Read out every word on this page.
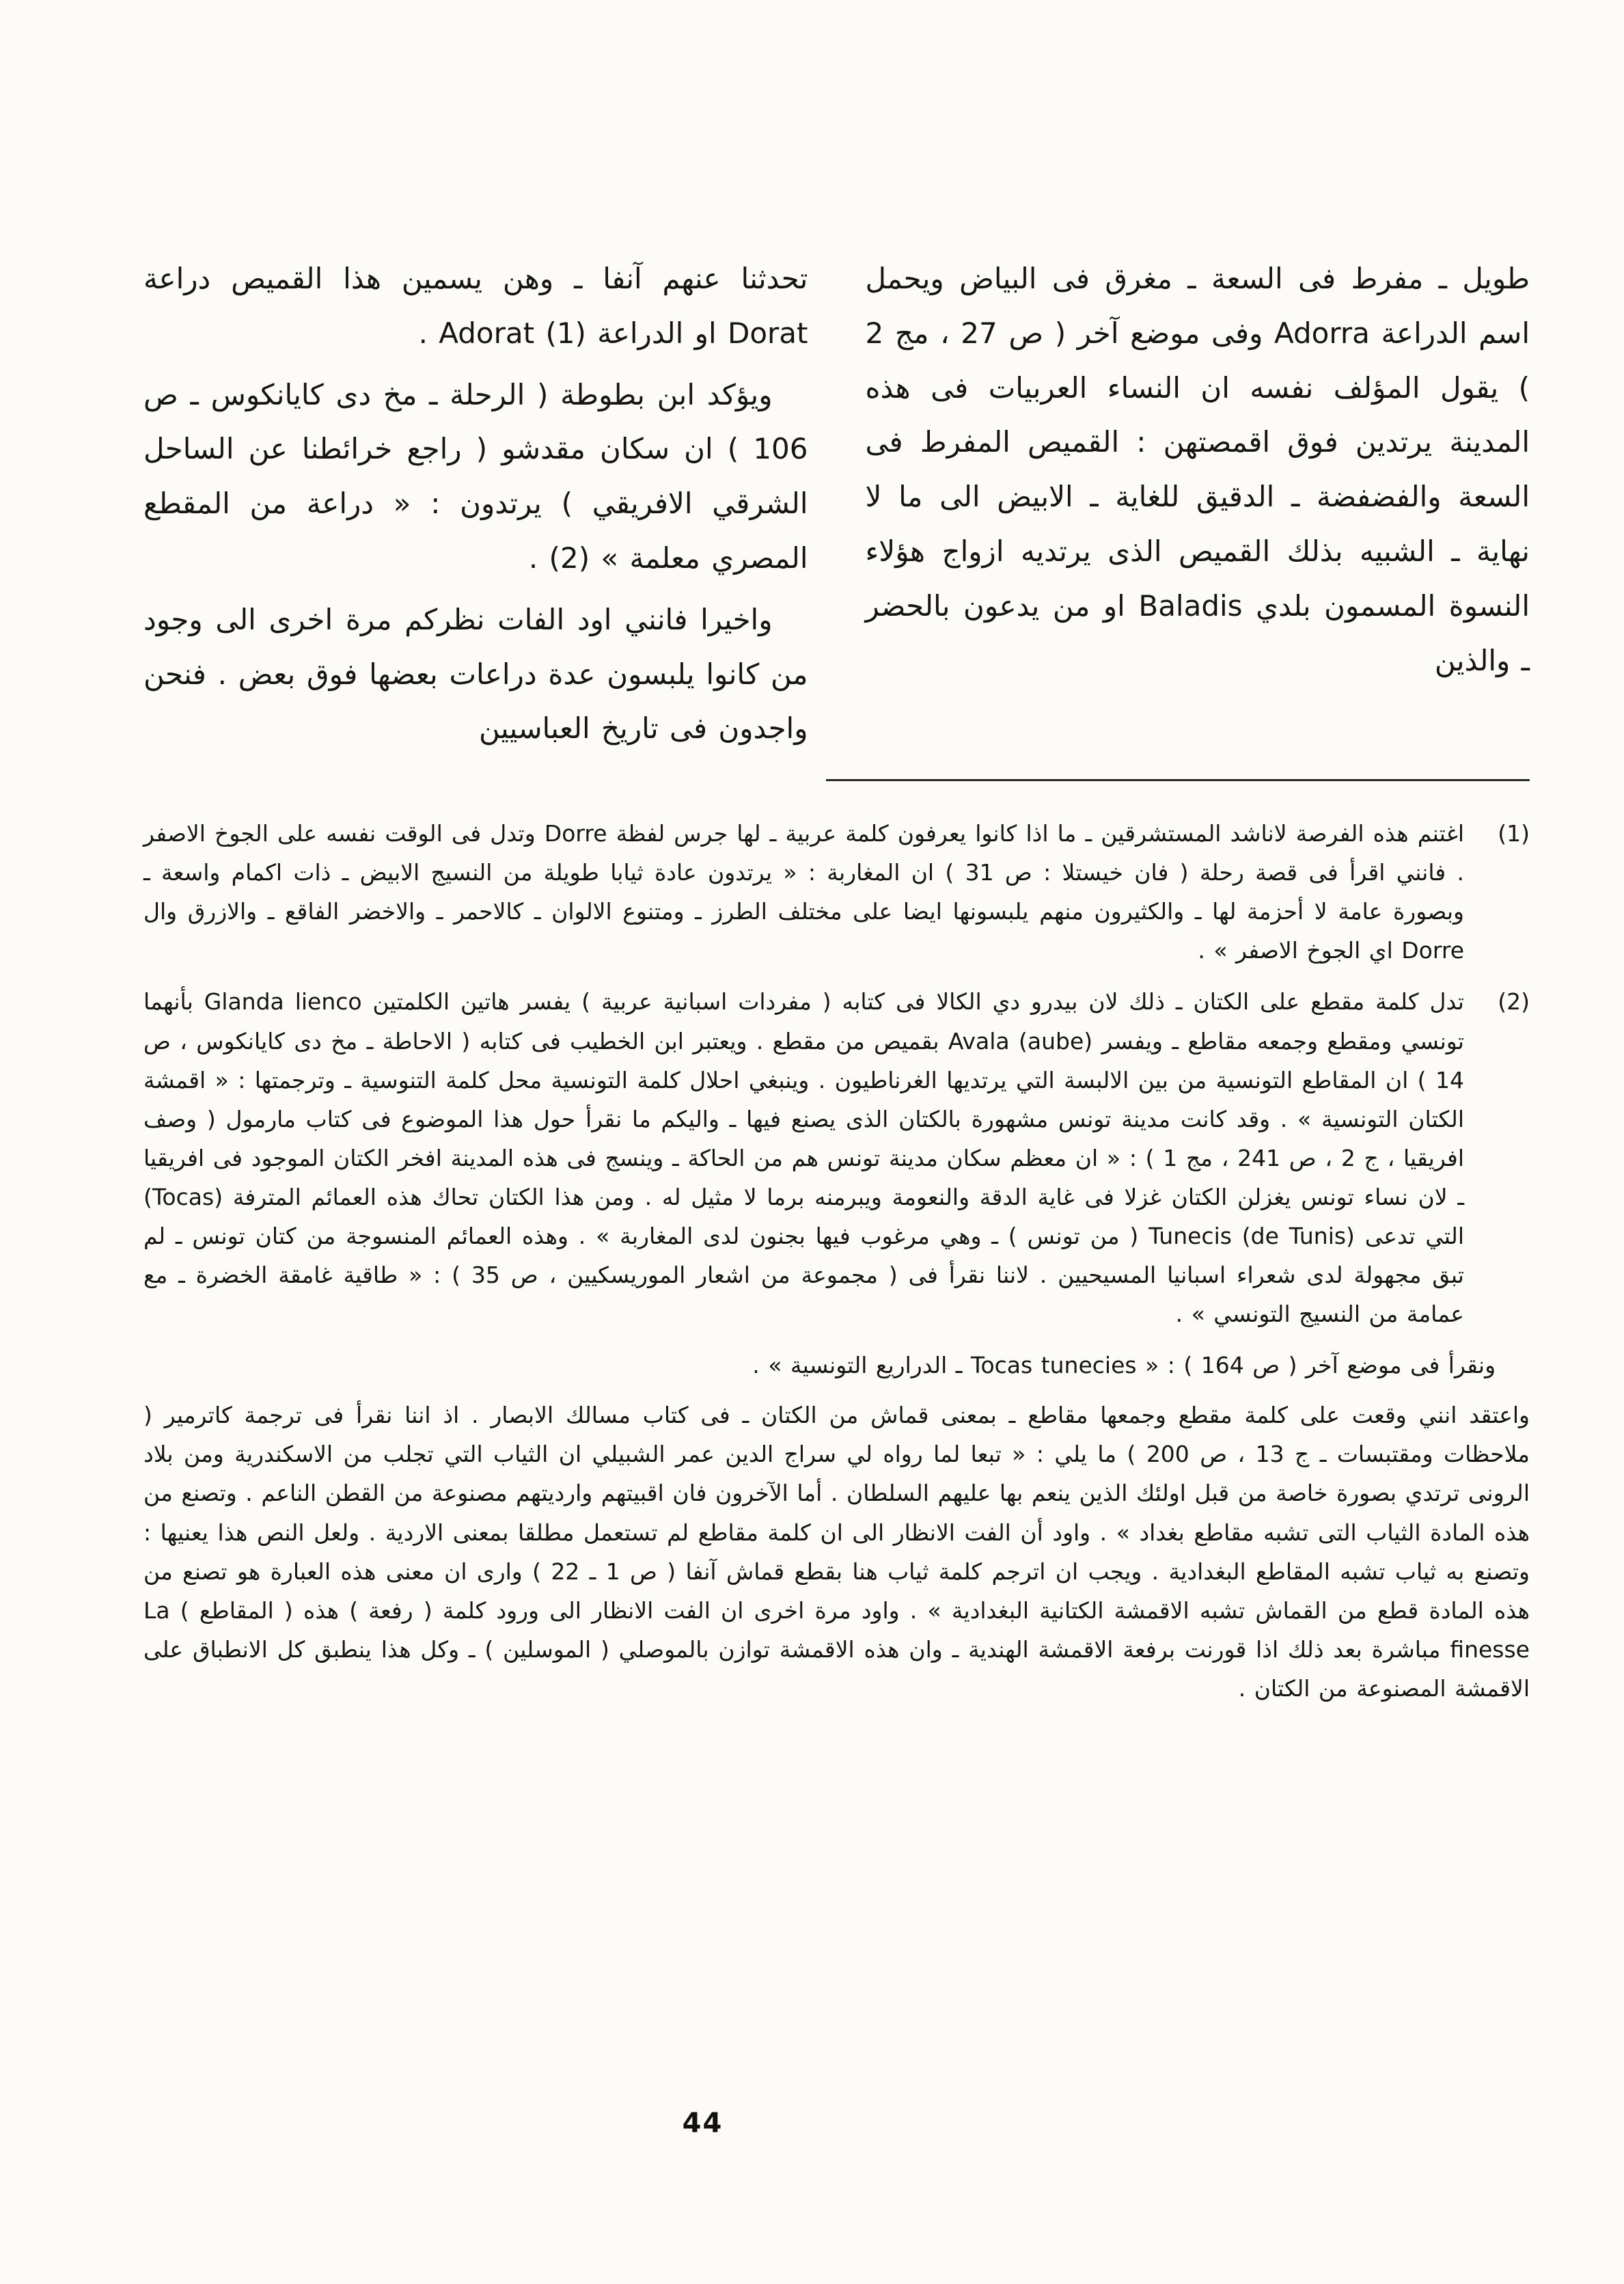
طويل ـ مفرط فى السعة ـ مغرق فى البياض ويحمل اسم الدراعة Adorra وفى موضع آخر ( ص 27 ، مج 2 ) يقول المؤلف نفسه ان النساء العربيات فى هذه المدينة يرتدين فوق اقمصتهن : القميص المفرط فى السعة والفضفضة ـ الدقيق للغاية ـ الابيض الى ما لا نهاية ـ الشبيه بذلك القميص الذى يرتديه ازواج هؤلاء النسوة المسمون بلدي Baladis او من يدعون بالحضر ـ والذين

تحدثنا عنهم آنفا ـ وهن يسمين هذا القميص دراعة Dorat او الدراعة Adorat (1) .

ويؤكد ابن بطوطة ( الرحلة ـ مخ دى كايانكوس ـ ص 106 ) ان سكان مقدشو ( راجع خرائطنا عن الساحل الشرقي الافريقي ) يرتدون : « دراعة من المقطع المصري معلمة » (2) .

واخيرا فانني اود الفات نظركم مرة اخرى الى وجود من كانوا يلبسون عدة دراعات بعضها فوق بعض . فنحن واجدون فى تاريخ العباسيين

(1)

اغتنم هذه الفرصة لاناشد المستشرقين ـ ما اذا كانوا يعرفون كلمة عربية ـ لها جرس لفظة Dorre وتدل فى الوقت نفسه على الجوخ الاصفر . فانني اقرأ فى قصة رحلة ( فان خيستلا : ص 31 ) ان المغاربة : « يرتدون عادة ثيابا طويلة من النسيج الابيض ـ ذات اكمام واسعة ـ وبصورة عامة لا أحزمة لها ـ والكثيرون منهم يلبسونها ايضا على مختلف الطرز ـ ومتنوع الالوان ـ كالاحمر ـ والاخضر الفاقع ـ والازرق وال Dorre اي الجوخ الاصفر » .

(2)

تدل كلمة مقطع على الكتان ـ ذلك لان بيدرو دي الكالا فى كتابه ( مفردات اسبانية عربية ) يفسر هاتين الكلمتين Glanda lienco بأنهما تونسي ومقطع وجمعه مقاطع ـ ويفسر Avala (aube) بقميص من مقطع . ويعتبر ابن الخطيب فى كتابه ( الاحاطة ـ مخ دى كايانكوس ، ص 14 ) ان المقاطع التونسية من بين الالبسة التي يرتديها الغرناطيون . وينبغي احلال كلمة التونسية محل كلمة التنوسية ـ وترجمتها : « اقمشة الكتان التونسية » . وقد كانت مدينة تونس مشهورة بالكتان الذى يصنع فيها ـ واليكم ما نقرأ حول هذا الموضوع فى كتاب مارمول ( وصف افريقيا ، ج 2 ، ص 241 ، مج 1 ) : « ان معظم سكان مدينة تونس هم من الحاكة ـ وينسج فى هذه المدينة افخر الكتان الموجود فى افريقيا ـ لان نساء تونس يغزلن الكتان غزلا فى غاية الدقة والنعومة ويبرمنه برما لا مثيل له . ومن هذا الكتان تحاك هذه العمائم المترفة (Tocas) التي تدعى Tunecis (de Tunis) ( من تونس ) ـ وهي مرغوب فيها بجنون لدى المغاربة » . وهذه العمائم المنسوجة من كتان تونس ـ لم تبق مجهولة لدى شعراء اسبانيا المسيحيين . لاننا نقرأ فى ( مجموعة من اشعار الموريسكيين ، ص 35 ) : « طاقية غامقة الخضرة ـ مع عمامة من النسيج التونسي » .

ونقرأ فى موضع آخر ( ص 164 ) : « Tocas tunecies ـ الدراريع التونسية » .

واعتقد انني وقعت على كلمة مقطع وجمعها مقاطع ـ بمعنى قماش من الكتان ـ فى كتاب مسالك الابصار . اذ اننا نقرأ فى ترجمة كاترمير ( ملاحظات ومقتبسات ـ ج 13 ، ص 200 ) ما يلي : « تبعا لما رواه لي سراج الدين عمر الشبيلي ان الثياب التي تجلب من الاسكندرية ومن بلاد الرونى ترتدي بصورة خاصة من قبل اولئك الذين ينعم بها عليهم السلطان . أما الآخرون فان اقبيتهم وارديتهم مصنوعة من القطن الناعم . وتصنع من هذه المادة الثياب التى تشبه مقاطع بغداد » . واود أن الفت الانظار الى ان كلمة مقاطع لم تستعمل مطلقا بمعنى الاردية . ولعل النص هذا يعنيها : وتصنع به ثياب تشبه المقاطع البغدادية . ويجب ان اترجم كلمة ثياب هنا بقطع قماش آنفا ( ص 1 ـ 22 ) وارى ان معنى هذه العبارة هو تصنع من هذه المادة قطع من القماش تشبه الاقمشة الكتانية البغدادية » . واود مرة اخرى ان الفت الانظار الى ورود كلمة ( رفعة ) هذه ( المقاطع ) La finesse مباشرة بعد ذلك اذا قورنت برفعة الاقمشة الهندية ـ وان هذه الاقمشة توازن بالموصلي ( الموسلين ) ـ وكل هذا ينطبق كل الانطباق على الاقمشة المصنوعة من الكتان .

44
